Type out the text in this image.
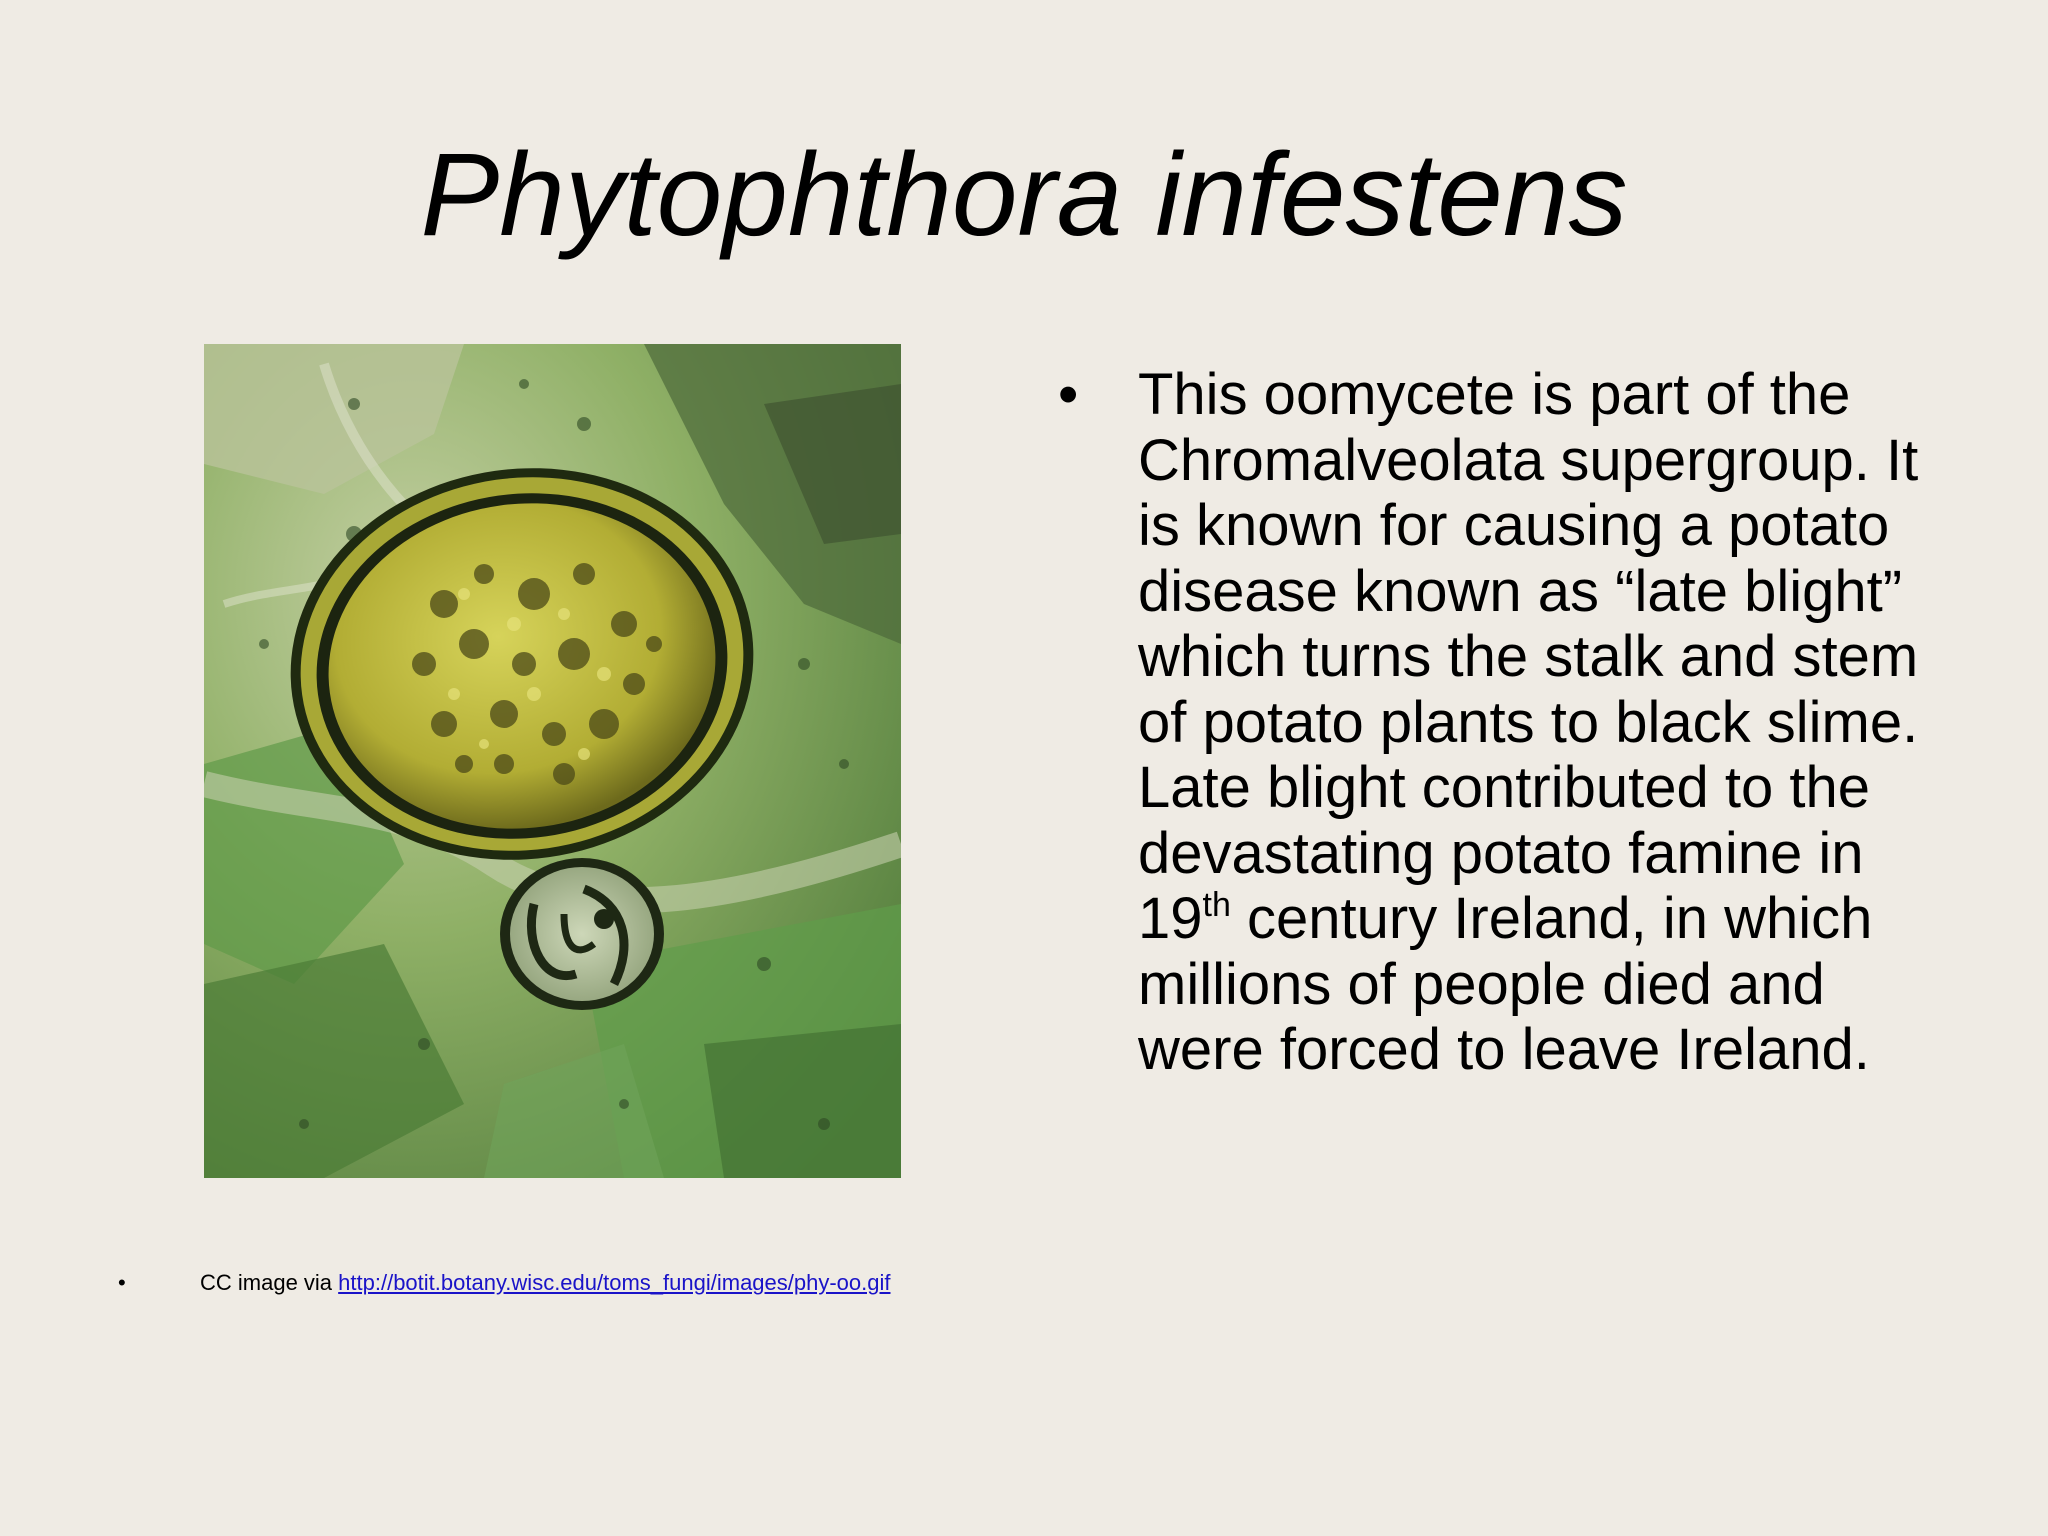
Phytophthora infestens
•	CC image via http://botit.botany.wisc.edu/toms_fungi/images/phy-oo.gif
• This oomycete is part of the Chromalveolata supergroup. It is known for causing a potato disease known as “late blight” which turns the stalk and stem of potato plants to black slime. Late blight contributed to the devastating potato famine in 19th century Ireland, in which millions of people died and were forced to leave Ireland.
